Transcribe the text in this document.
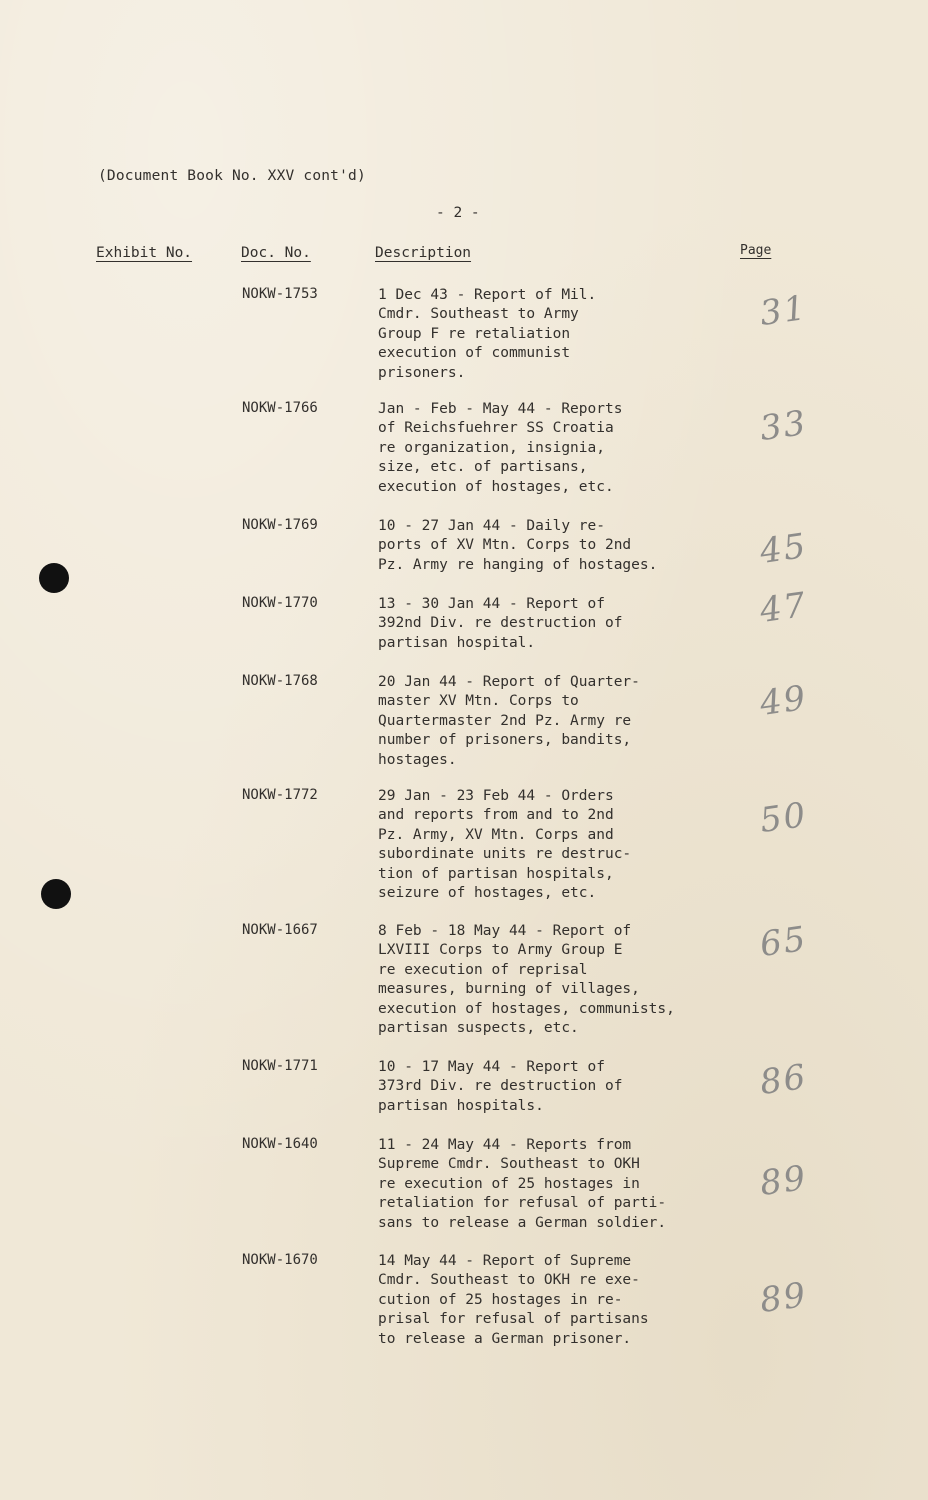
(Document Book No. XXV cont'd)
- 2 -
Exhibit No.	Doc. No.	Description	Page
NOKW-1753	1 Dec 43 - Report of Mil.
Cmdr. Southeast to Army
Group F re retaliation
execution of communist
prisoners.
31
NOKW-1766	Jan - Feb - May 44 - Reports
of Reichsfuehrer SS Croatia
re organization, insignia,
size, etc. of partisans,
execution of hostages, etc.
33
NOKW-1769	10 - 27 Jan 44 - Daily re-
ports of XV Mtn. Corps to 2nd
Pz. Army re hanging of hostages.	45
NOKW-1770	13 - 30 Jan 44 - Report of
392nd Div. re destruction of
partisan hospital.
47
NOKW-1768	20 Jan 44 - Report of Quarter-
master XV Mtn. Corps to
Quartermaster 2nd Pz. Army re
number of prisoners, bandits,
hostages.
49
NOKW-1772	29 Jan - 23 Feb 44 - Orders
and reports from and to 2nd
Pz. Army, XV Mtn. Corps and
subordinate units re destruc-
tion of partisan hospitals,
seizure of hostages, etc.
50
NOKW-1667	8 Feb - 18 May 44 - Report of
LXVIII Corps to Army Group E
re execution of reprisal
measures, burning of villages,
execution of hostages, communists,
partisan suspects, etc.
65
NOKW-1771	10 - 17 May 44 - Report of
373rd Div. re destruction of
partisan hospitals.
86
NOKW-1640	11 - 24 May 44 - Reports from
Supreme Cmdr. Southeast to OKH
re execution of 25 hostages in
retaliation for refusal of parti-
sans to release a German soldier.
89
NOKW-1670	14 May 44 - Report of Supreme
Cmdr. Southeast to OKH re exe-
cution of 25 hostages in re-
prisal for refusal of partisans
to release a German prisoner.
89
